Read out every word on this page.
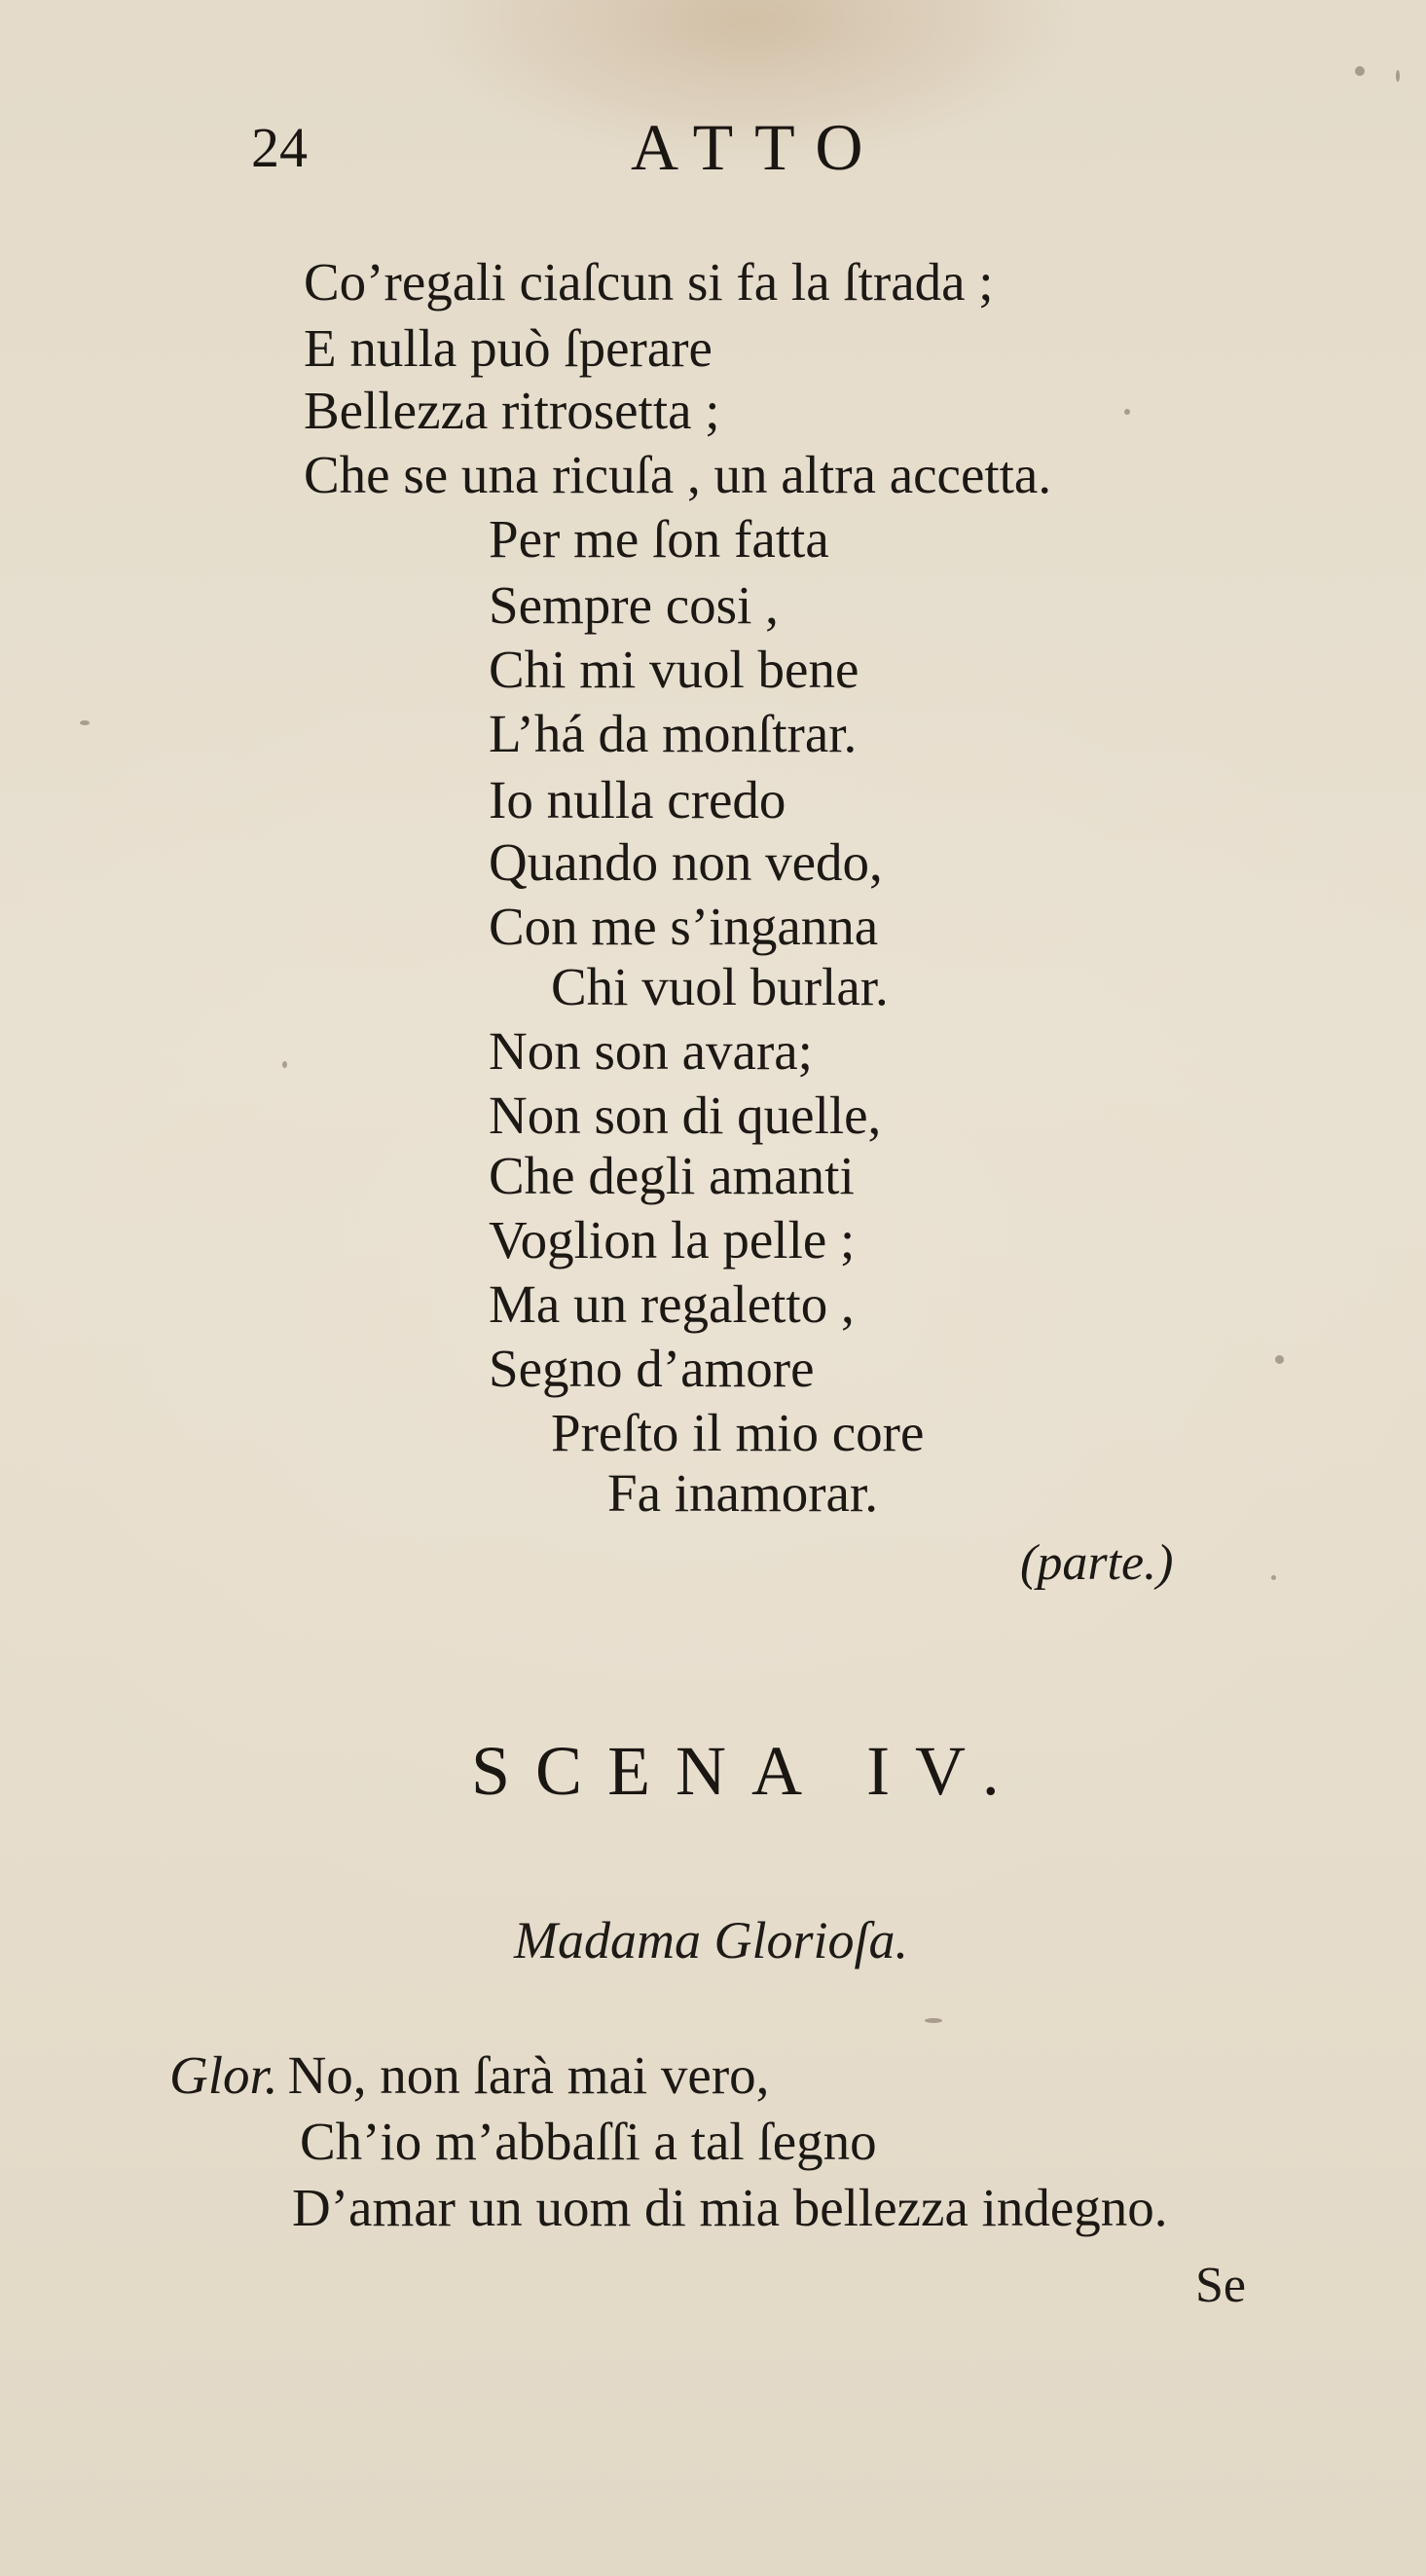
24	ATTO
Co’regali ciaſcun si fa la ſtrada ;
E nulla può ſperare
Bellezza ritrosetta ;
Che se una ricuſa , un altra accetta.
Per me ſon fatta
Sempre cosi ,
Chi mi vuol bene
L’há da monſtrar.
Io nulla credo
Quando non vedo,
Con me s’inganna
Chi vuol burlar.
Non son avara;
Non son di quelle,
Che degli amanti
Voglion la pelle ;
Ma un regaletto ,
Segno d’amore
Preſto il mio core
Fa inamorar.
(parte.)
SCENA IV.
Madama Glorioſa.
Glor. No, non ſarà mai vero,
Ch’io m’abbaſſi a tal ſegno
D’amar un uom di mia bellezza indegno.
Se
